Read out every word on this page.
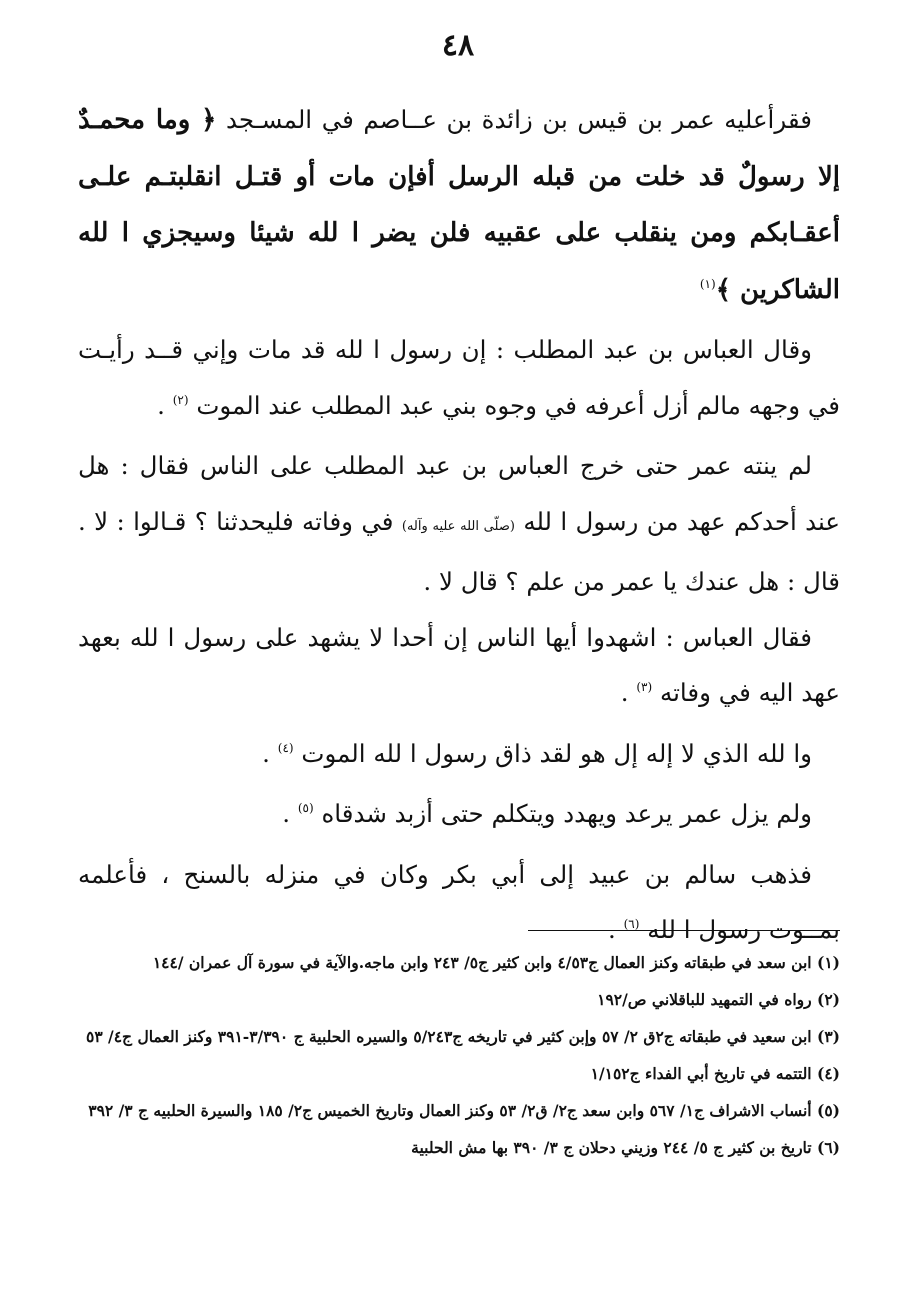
٤٨

فقرأعليه عمر بن قيس بن زائدة بن عــاصم في المسـجد ﴿ وما محمـدٌ إلا رسولٌ قد خلت من قبله الرسل أفإن مات أو قتـل انقلبتـم علـى أعقـابكم ومن ينقلب على عقبيه فلن يضر ا لله شيئا وسيجزي ا لله الشاكرين ﴾$^{(١)}$

وقال العباس بن عبد المطلب : إن رسول ا لله قد مات وإني قــد رأيـت في وجهه مالم أزل أعرفه في وجوه بني عبد المطلب عند الموت $^{(٢)}$ .

لم ينته عمر حتى خرج العباس بن عبد المطلب على الناس فقال : هل عند أحدكم عهد من رسول ا لله (صلّى الله عليه وآله) في وفاته فليحدثنا ؟ قـالوا : لا . قال : هل عندك يا عمر من علم ؟ قال لا .

فقال العباس : اشهدوا أيها الناس إن أحدا لا يشهد على رسول ا لله بعهد عهد اليه في وفاته $^{(٣)}$ .

وا لله الذي لا إله إل هو لقد ذاق رسول ا لله الموت $^{(٤)}$ .

ولم يزل عمر يرعد ويهدد ويتكلم حتى أزبد شدقاه $^{(٥)}$ .

فذهب سالم بن عبيد إلى أبي بكر وكان في منزله بالسنح ، فأعلمه بمــوت رسول ا لله $^{(٦)}$ .

(١) ابن سعد في طبقاته وكنز العمال ج٤/٥٣ وابن كثير ج٥/ ٢٤٣ وابن ماجه.والآية في سورة آل عمران /١٤٤

(٢) رواه في التمهيد للباقلاني ص/١٩٢

(٣) ابن سعيد في طبقاته ج٢ق ٢/ ٥٧ وإبن كثير في تاريخه ج٥/٢٤٣ والسيره الحلبية ج ٣/٣٩٠-٣٩١ وكنز العمال ج٤/ ٥٣

(٤) التتمه في تاريخ أبي الفداء ج١/١٥٢

(٥) أنساب الاشراف ج١/ ٥٦٧ وابن سعد ج٢/ ق٢/ ٥٣ وكنز العمال وتاريخ الخميس ج٢/ ١٨٥ والسيرة الحلبيه ج ٣/ ٣٩٢

(٦) تاريخ بن كثير ج ٥/ ٢٤٤ وزيني دحلان ج ٣/ ٣٩٠ بها مش الحلبية
